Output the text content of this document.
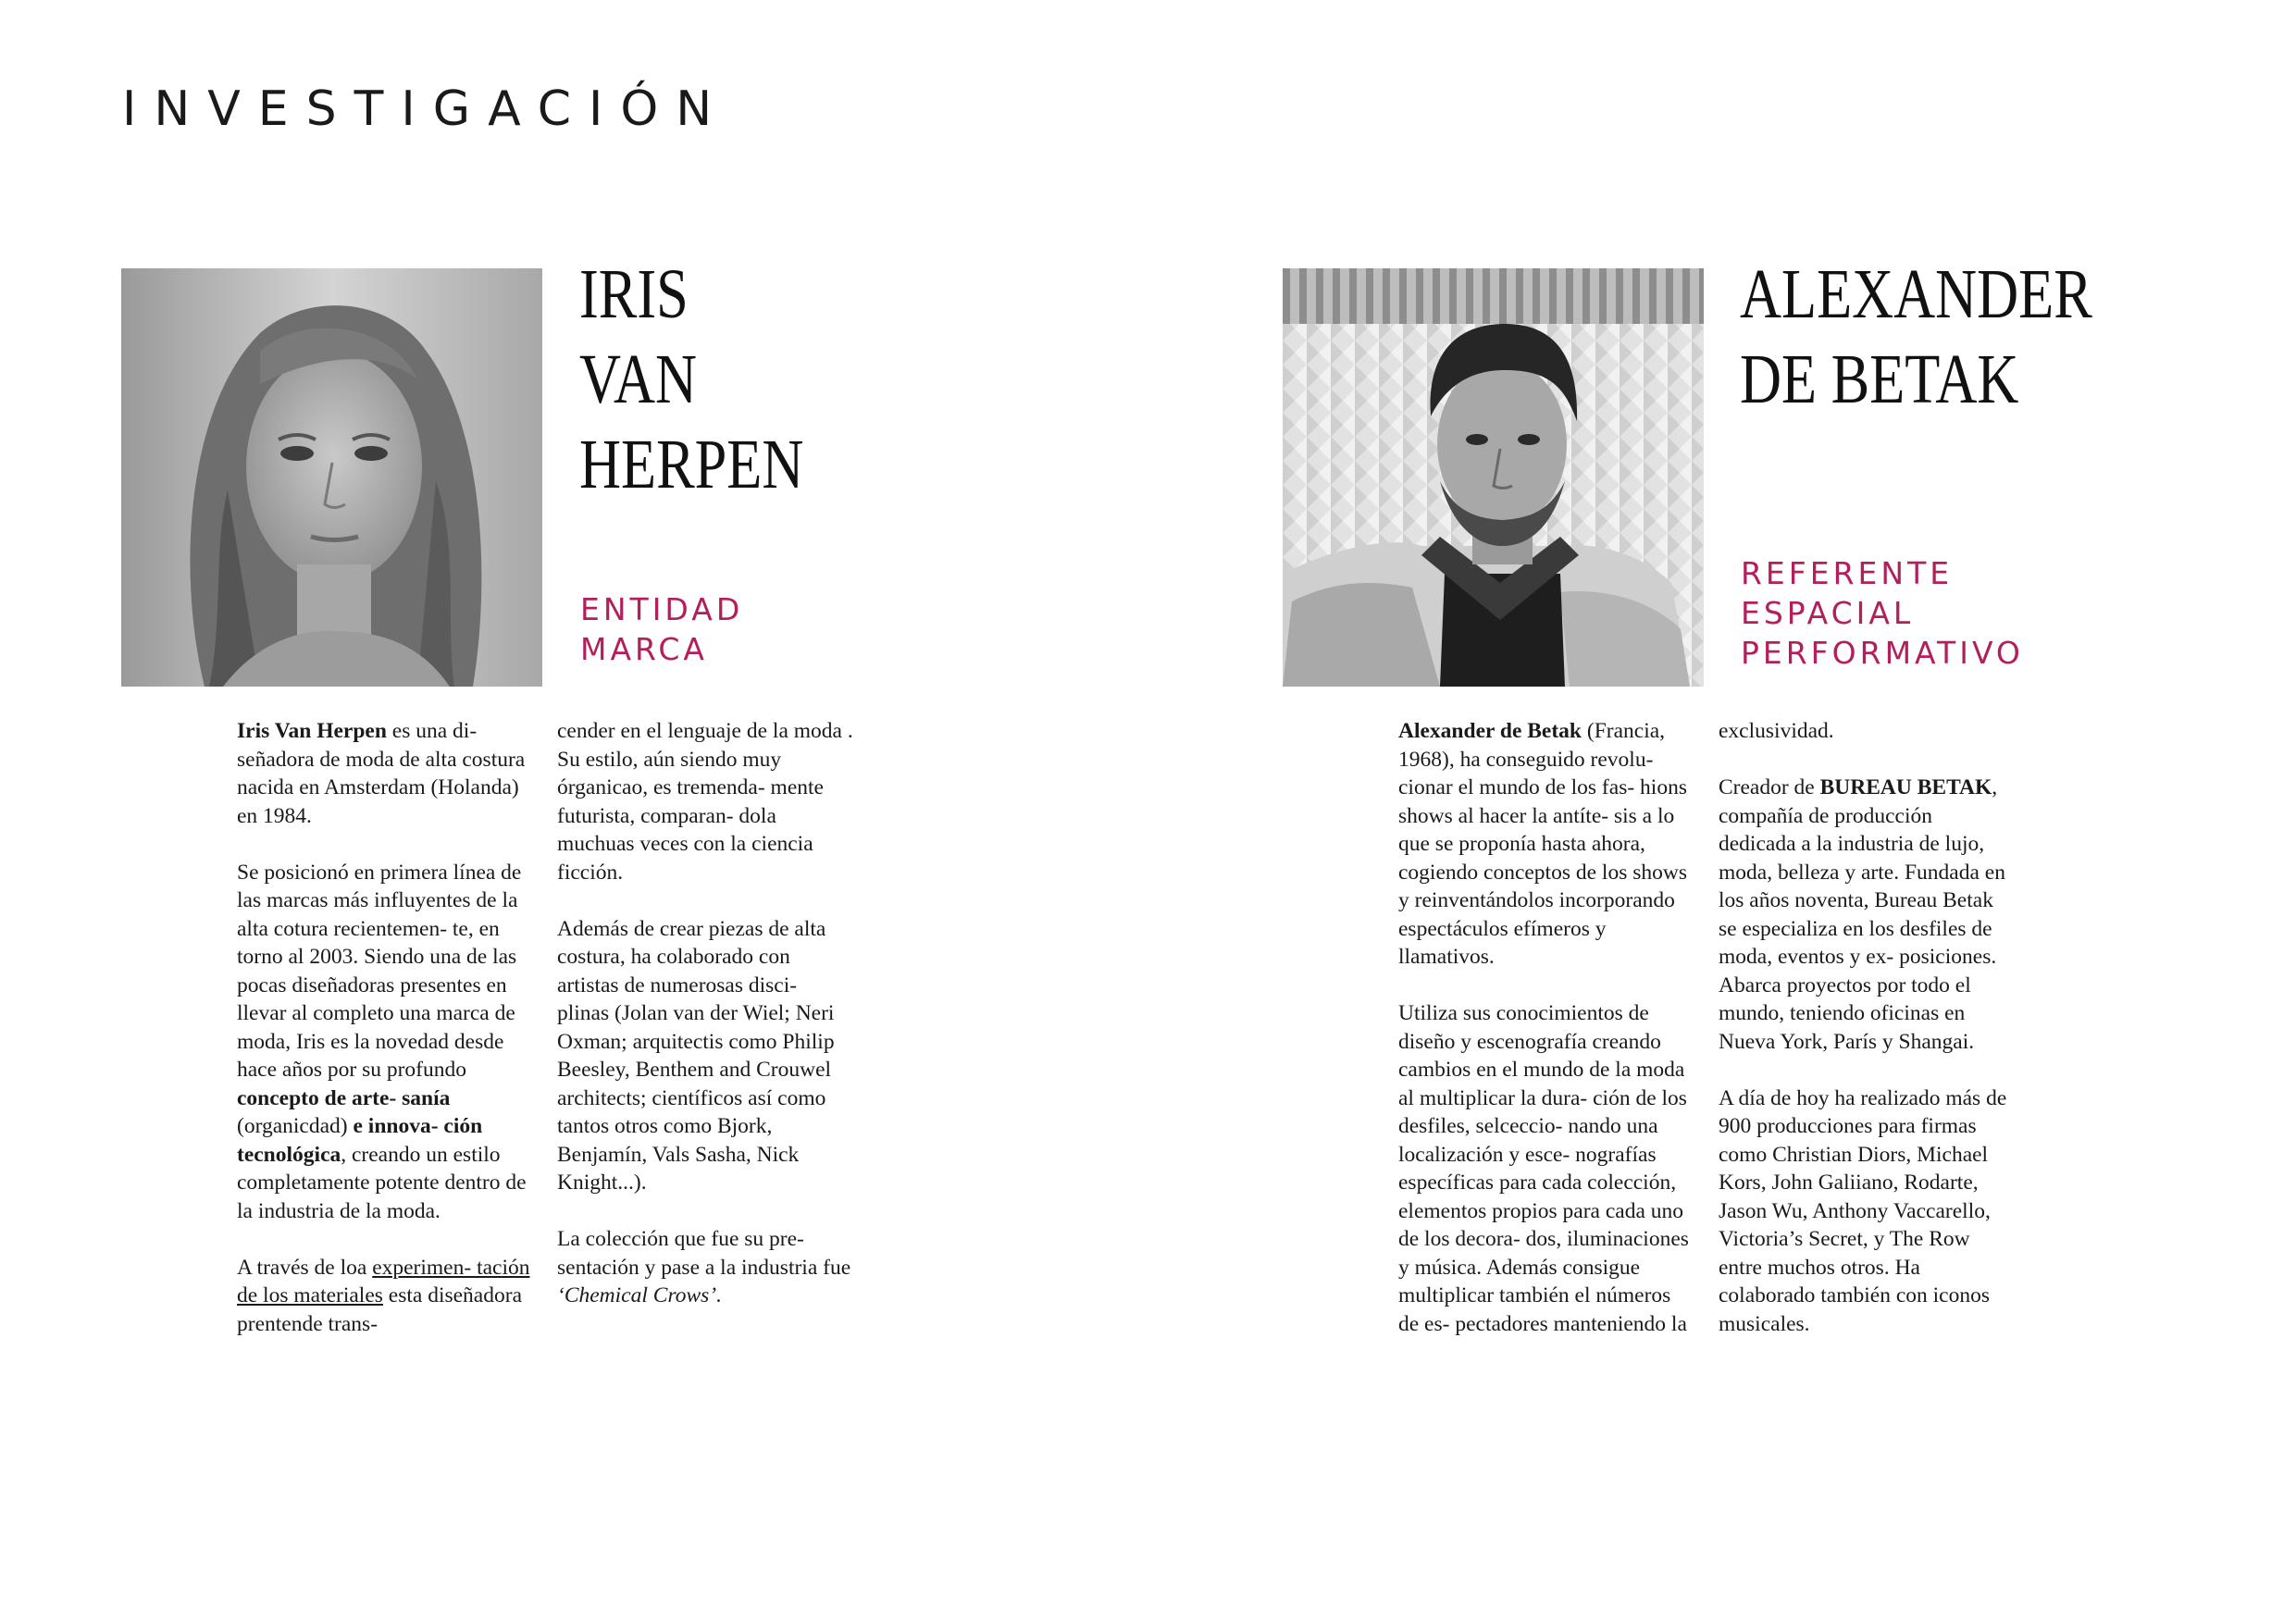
INVESTIGACIÓN
IRIS
VAN
HERPEN
ENTIDAD
MARCA

Iris Van Herpen es una di- señadora de moda de alta costura nacida en Amsterdam (Holanda) en 1984.

Se posicionó en primera línea de las marcas más influyentes de la alta cotura recientemen- te, en torno al 2003. Siendo una de las pocas diseñadoras presentes en llevar al completo una marca de moda, Iris es la novedad desde hace años por su profundo concepto de arte- sanía (organicdad) e innova- ción tecnológica, creando un estilo completamente potente dentro de la industria de la moda.

A través de loa experimen- tación de los materiales esta diseñadora prentende trans-

cender en el lenguaje de la moda . Su estilo, aún siendo muy órganicao, es tremenda- mente futurista, comparan- dola muchuas veces con la ciencia ficción.

Además de crear piezas de alta costura, ha colaborado con artistas de numerosas disci- plinas (Jolan van der Wiel; Neri Oxman; arquitectis como Philip Beesley, Benthem and Crouwel architects; científicos así como tantos otros como Bjork, Benjamín, Vals Sasha, Nick Knight...).

La colección que fue su pre- sentación y pase a la industria fue ‘Chemical Crows’.

ALEXANDER
DE BETAK
REFERENTE
ESPACIAL
PERFORMATIVO

Alexander de Betak (Francia, 1968), ha conseguido revolu- cionar el mundo de los fas- hions shows al hacer la antíte- sis a lo que se proponía hasta ahora, cogiendo conceptos de los shows y reinventándolos incorporando espectáculos efímeros y llamativos.

Utiliza sus conocimientos de diseño y escenografía creando cambios en el mundo de la moda al multiplicar la dura- ción de los desfiles, selceccio- nando una localización y esce- nografías específicas para cada colección, elementos propios para cada uno de los decora- dos, iluminaciones y música. Además consigue multiplicar también el números de es- pectadores manteniendo la

exclusividad.

Creador de BUREAU BETAK, compañía de producción dedicada a la industria de lujo, moda, belleza y arte. Fundada en los años noventa, Bureau Betak se especializa en los desfiles de moda, eventos y ex- posiciones. Abarca proyectos por todo el mundo, teniendo oficinas en Nueva York, París y Shangai.

A día de hoy ha realizado más de 900 producciones para firmas como Christian Diors, Michael Kors, John Galiiano, Rodarte, Jason Wu, Anthony Vaccarello, Victoria’s Secret, y The Row entre muchos otros. Ha colaborado también con iconos musicales.
